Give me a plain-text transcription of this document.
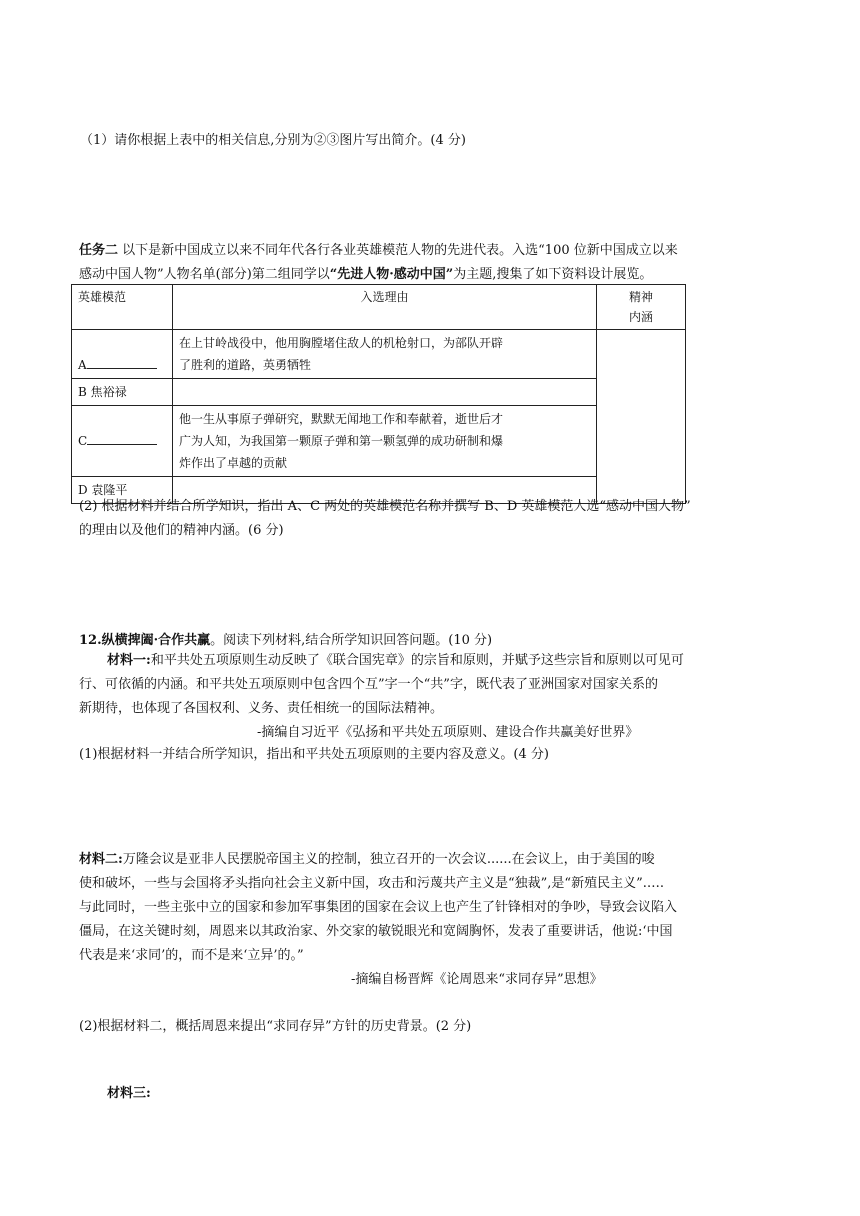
（1）请你根据上表中的相关信息,分别为②③图片写出简介。(4 分)
任务二 以下是新中国成立以来不同年代各行各业英雄模范人物的先进代表。入选“100 位新中国成立以来
感动中国人物”人物名单(部分)第二组同学以“先进人物·感动中国”为主题,搜集了如下资料设计展览。
英雄模范	入选理由	精神
内涵

A	在上甘岭战役中，他用胸膛堵住敌人的机枪射口，为部队开辟
了胜利的道路，英勇牺牲	

B 焦裕禄		
C	他一生从事原子弹研究，默默无闻地工作和奉献着，逝世后才
广为人知，为我国第一颗原子弹和第一颗氢弹的成功研制和爆
炸作出了卓越的贡献	

D 袁隆平		
(2) 根据材料并结合所学知识，指出 A、C 两处的英雄模范名称并撰写 B、D 英雄模范人选“感动中国人物”
的理由以及他们的精神内涵。(6 分)
12.纵横捭阖·合作共赢。阅读下列材料,结合所学知识回答问题。(10 分)
材料一:和平共处五项原则生动反映了《联合国宪章》的宗旨和原则，并赋予这些宗旨和原则以可见可
行、可依循的内涵。和平共处五项原则中包含四个互”字一个“共”字，既代表了亚洲国家对国家关系的
新期待，也体现了各国权利、义务、责任相统一的国际法精神。
-摘编自习近平《弘扬和平共处五项原则、建设合作共赢美好世界》
(1)根据材料一并结合所学知识，指出和平共处五项原则的主要内容及意义。(4 分)
材料二:万隆会议是亚非人民摆脱帝国主义的控制，独立召开的一次会议......在会议上，由于美国的唆
使和破坏，一些与会国将矛头指向社会主义新中国，攻击和污蔑共产主义是“独裁”,是“新殖民主义”.….
与此同时，一些主张中立的国家和参加军事集团的国家在会议上也产生了针锋相对的争吵，导致会议陷入
僵局，在这关键时刻，周恩来以其政治家、外交家的敏锐眼光和宽阔胸怀，发表了重要讲话，他说:‘中国
代表是来‘求同’的，而不是来‘立异’的。”
-摘编自杨晋辉《论周恩来“求同存异”思想》
(2)根据材料二，概括周恩来提出“求同存异”方针的历史背景。(2 分)
材料三:
